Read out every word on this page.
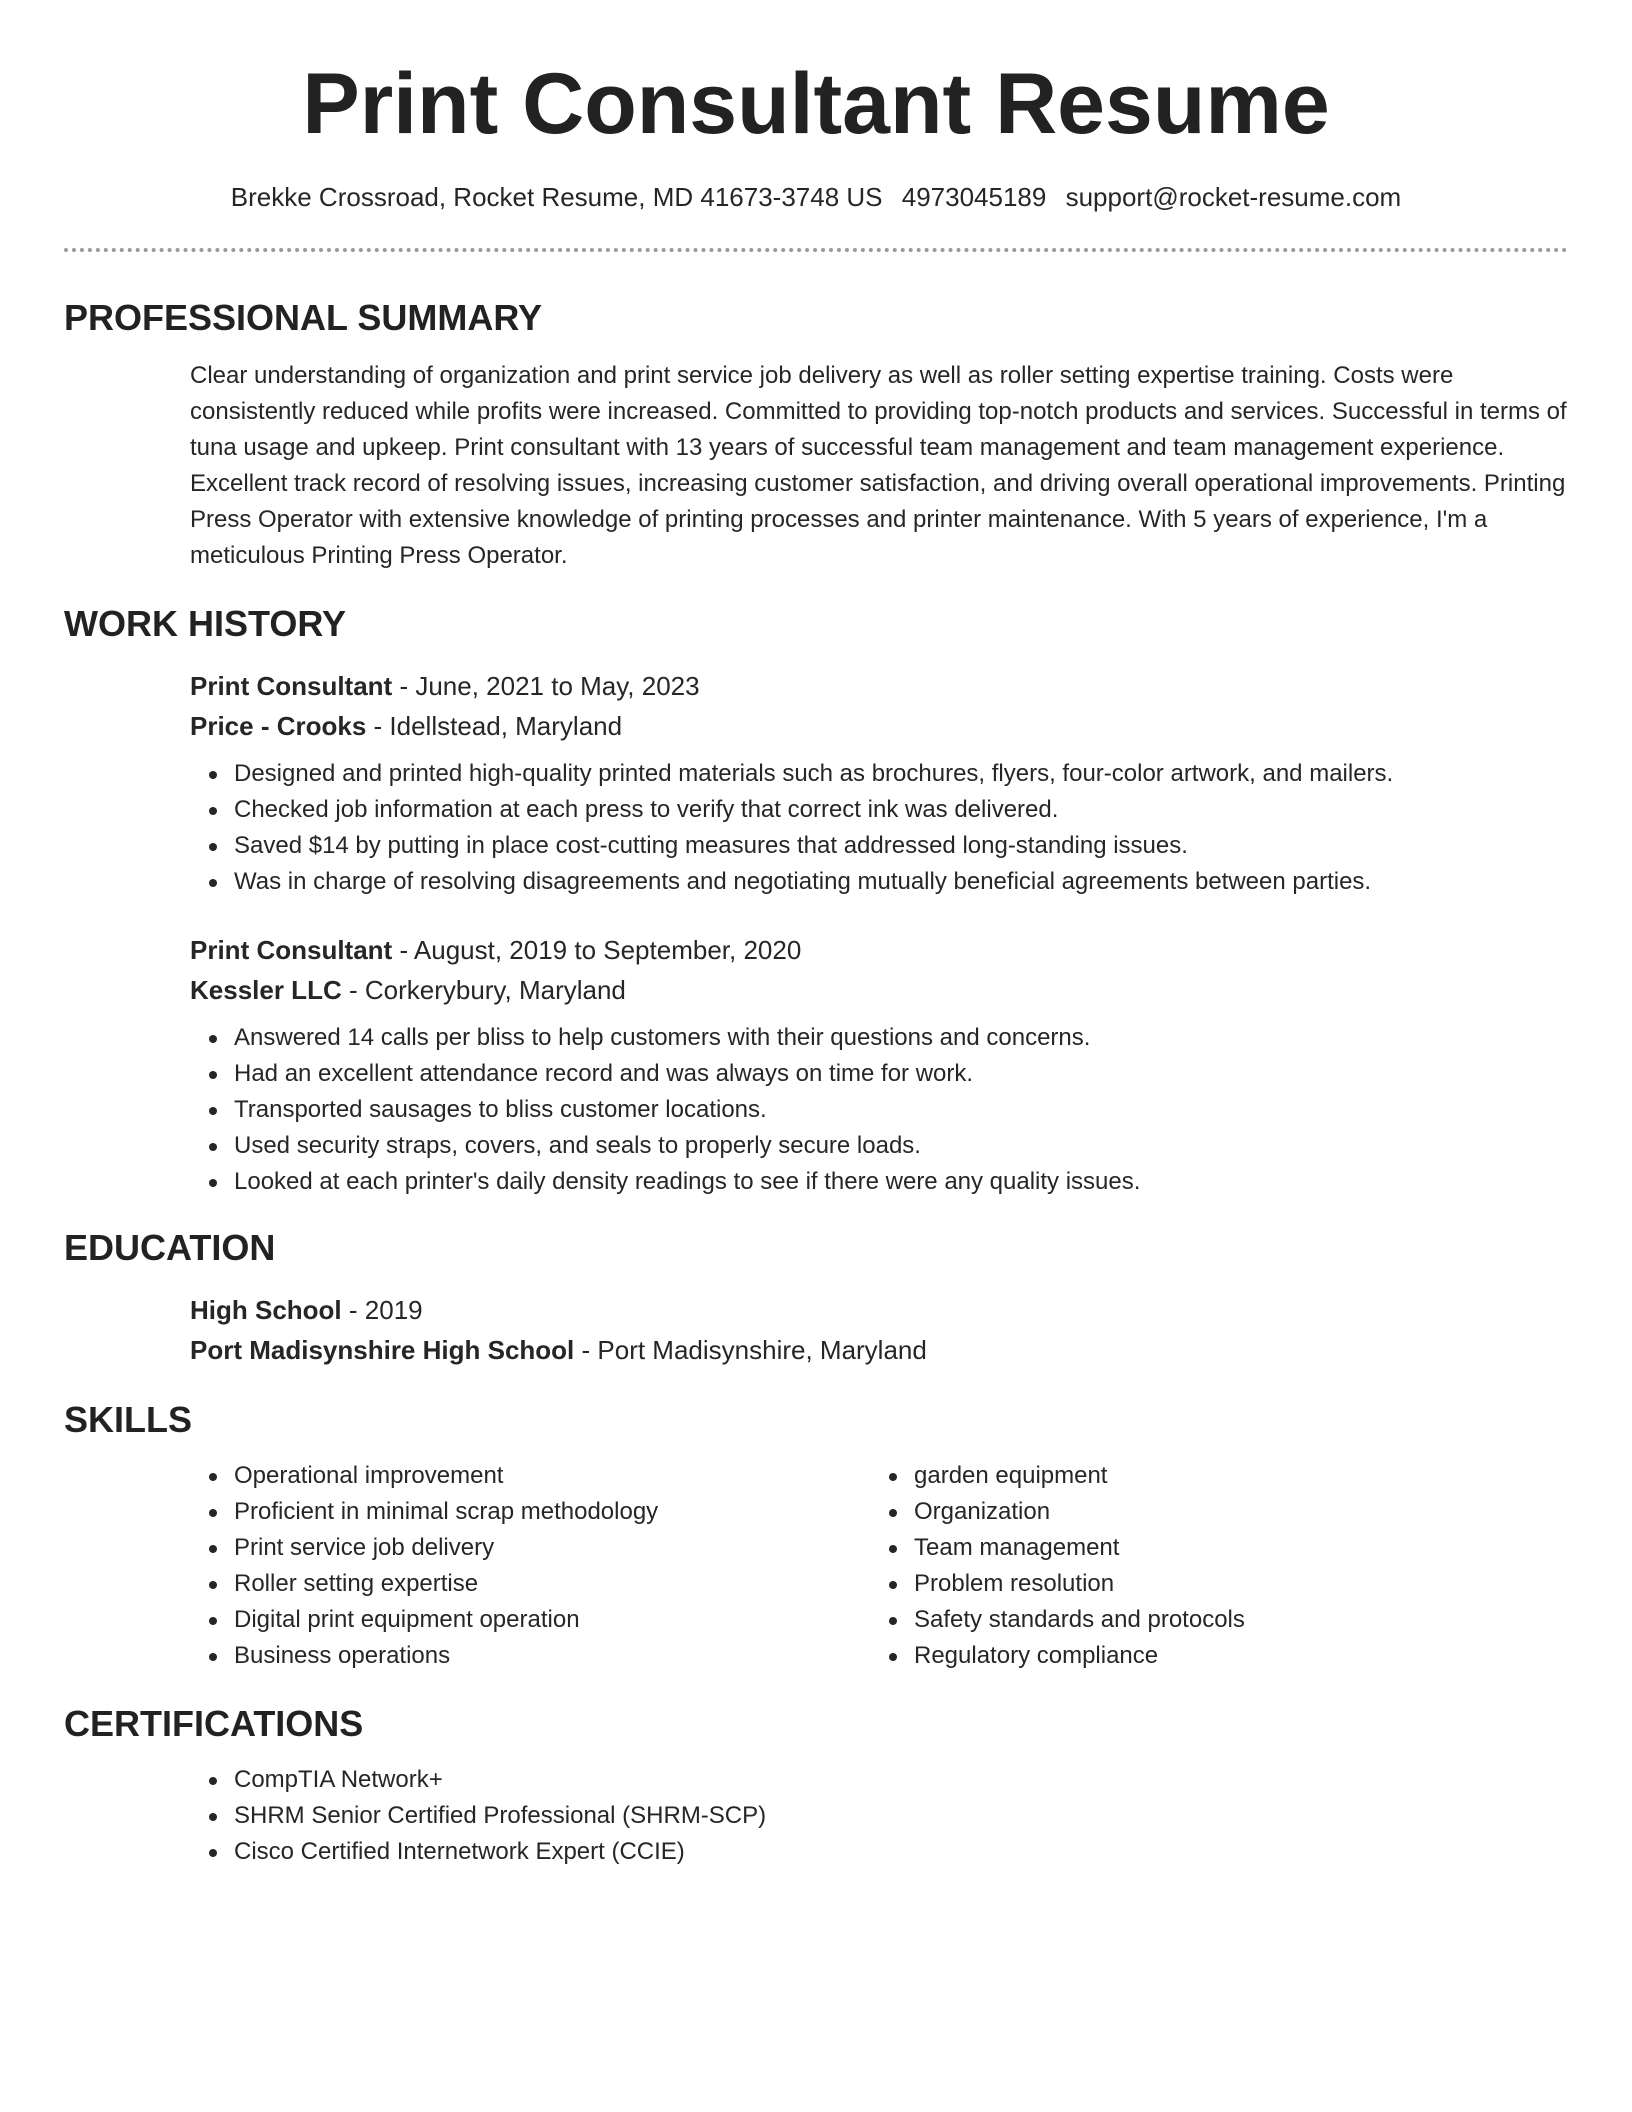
Print Consultant Resume
Brekke Crossroad, Rocket Resume, MD 41673-3748 US 4973045189 support@rocket-resume.com
PROFESSIONAL SUMMARY

Clear understanding of organization and print service job delivery as well as roller setting expertise training. Costs were consistently reduced while profits were increased. Committed to providing top-notch products and services. Successful in terms of tuna usage and upkeep. Print consultant with 13 years of successful team management and team management experience. Excellent track record of resolving issues, increasing customer satisfaction, and driving overall operational improvements. Printing Press Operator with extensive knowledge of printing processes and printer maintenance. With 5 years of experience, I'm a meticulous Printing Press Operator.

WORK HISTORY

Print Consultant - June, 2021 to May, 2023

Price - Crooks - Idellstead, Maryland

Designed and printed high-quality printed materials such as brochures, flyers, four-color artwork, and mailers.
Checked job information at each press to verify that correct ink was delivered.
Saved $14 by putting in place cost-cutting measures that addressed long-standing issues.
Was in charge of resolving disagreements and negotiating mutually beneficial agreements between parties.

Print Consultant - August, 2019 to September, 2020

Kessler LLC - Corkerybury, Maryland

Answered 14 calls per bliss to help customers with their questions and concerns.
Had an excellent attendance record and was always on time for work.
Transported sausages to bliss customer locations.
Used security straps, covers, and seals to properly secure loads.
Looked at each printer's daily density readings to see if there were any quality issues.
EDUCATION

High School - 2019

Port Madisynshire High School - Port Madisynshire, Maryland

SKILLS
Operational improvement
Proficient in minimal scrap methodology
Print service job delivery
Roller setting expertise
Digital print equipment operation
Business operations
garden equipment
Organization
Team management
Problem resolution
Safety standards and protocols
Regulatory compliance
CERTIFICATIONS
CompTIA Network+
SHRM Senior Certified Professional (SHRM-SCP)
Cisco Certified Internetwork Expert (CCIE)
